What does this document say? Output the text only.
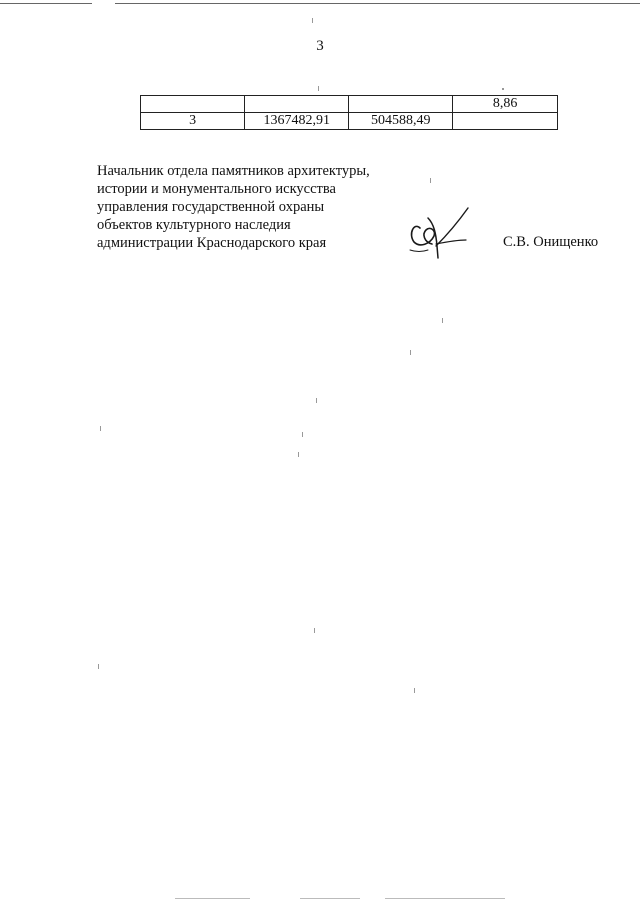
3
			8,86
3	1367482,91	504588,49	
Начальник отдела памятников архитектуры,
истории и монументального искусства
управления государственной охраны
объектов культурного наследия
администрации Краснодарского края	С.В. Онищенко
